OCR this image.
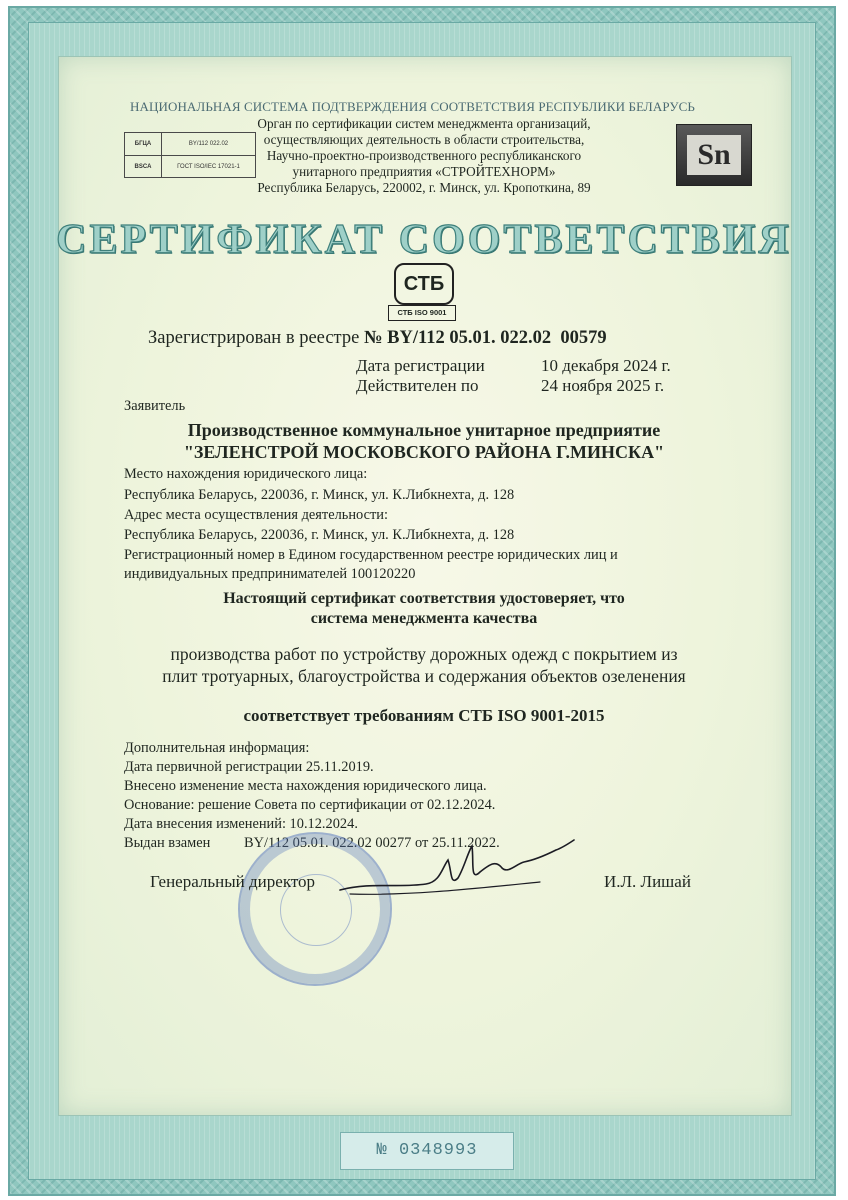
НАЦИОНАЛЬНАЯ СИСТЕМА ПОДТВЕРЖДЕНИЯ СООТВЕТСТВИЯ РЕСПУБЛИКИ БЕЛАРУСЬ
Орган по сертификации систем менеджмента организаций,
осуществляющих деятельность в области строительства,
Научно-проектно-производственного республиканского
унитарного предприятия «СТРОЙТЕХНОРМ»
Республика Беларусь, 220002, г. Минск, ул. Кропоткина, 89
БГЦА	BY/112 022.02
BSCA	ГОСТ ISO/IEC 17021-1	Sn
СЕРТИФИКАТ СООТВЕТСТВИЯ
СТБ
СТБ ISO 9001
Зарегистрирован в реестре № BY/112 05.01. 022.02  00579
Дата регистрации	10 декабря 2024 г.
Действителен по	24 ноября 2025 г.
Заявитель
Производственное коммунальное унитарное предприятие
"ЗЕЛЕНСТРОЙ МОСКОВСКОГО РАЙОНА Г.МИНСКА"
Место нахождения юридического лица:
Республика Беларусь, 220036, г. Минск, ул. К.Либкнехта, д. 128
Адрес места осуществления деятельности:
Республика Беларусь, 220036, г. Минск, ул. К.Либкнехта, д. 128
Регистрационный номер в Едином государственном реестре юридических лиц и
индивидуальных предпринимателей 100120220
Настоящий сертификат соответствия удостоверяет, что
система менеджмента качества
производства работ по устройству дорожных одежд с покрытием из
плит тротуарных, благоустройства и содержания объектов озеленения
соответствует требованиям СТБ ISO 9001-2015
Дополнительная информация:
Дата первичной регистрации 25.11.2019.
Внесено изменение места нахождения юридического лица.
Основание: решение Совета по сертификации от 02.12.2024.
Дата внесения изменений: 10.12.2024.
Выдан взамен BY/112 05.01. 022.02 00277 от 25.11.2022.
Генеральный директор	И.Л. Лишай
№ 0348993
